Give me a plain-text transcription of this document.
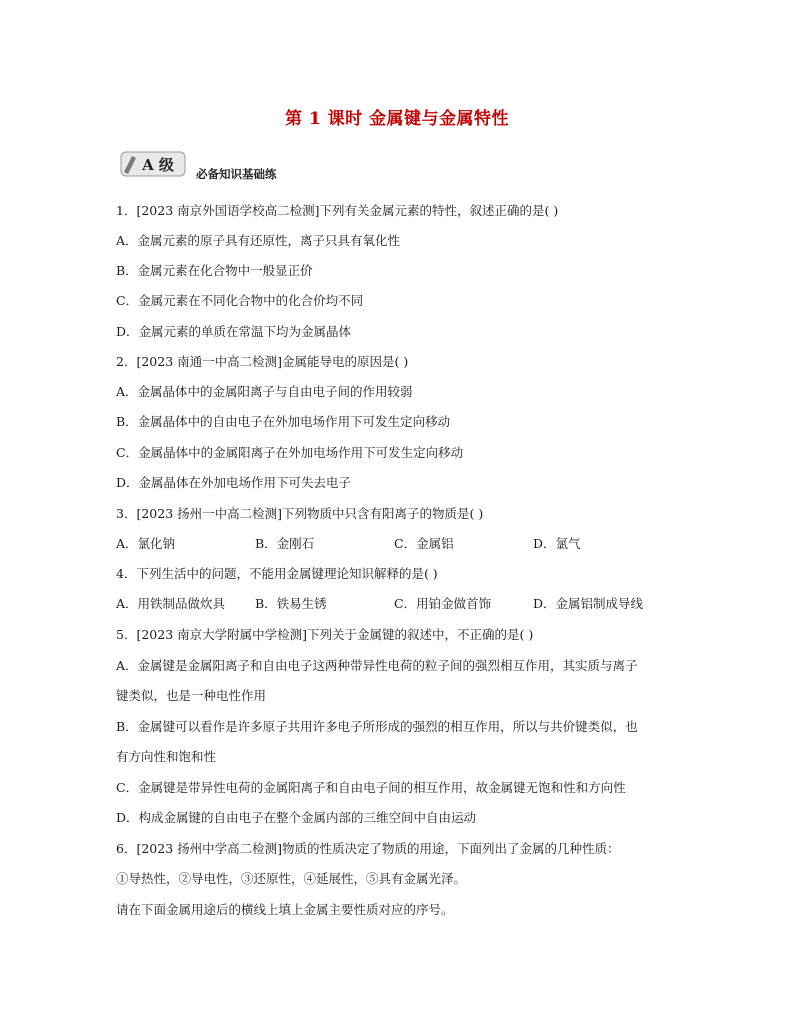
第 1 课时 金属键与金属特性
A 级 必备知识基础练
1．[2023 南京外国语学校高二检测]下列有关金属元素的特性，叙述正确的是( )
A．金属元素的原子具有还原性，离子只具有氧化性
B．金属元素在化合物中一般显正价
C．金属元素在不同化合物中的化合价均不同
D．金属元素的单质在常温下均为金属晶体
2．[2023 南通一中高二检测]金属能导电的原因是( )
A．金属晶体中的金属阳离子与自由电子间的作用较弱
B．金属晶体中的自由电子在外加电场作用下可发生定向移动
C．金属晶体中的金属阳离子在外加电场作用下可发生定向移动
D．金属晶体在外加电场作用下可失去电子
3．[2023 扬州一中高二检测]下列物质中只含有阳离子的物质是( )
A．氯化钠	B．金刚石	C．金属铝	D．氯气
4．下列生活中的问题，不能用金属键理论知识解释的是( )
A．用铁制品做炊具 B．铁易生锈	C．用铂金做首饰	D．金属铝制成导线
5．[2023 南京大学附属中学检测]下列关于金属键的叙述中，不正确的是( )
A．金属键是金属阳离子和自由电子这两种带异性电荷的粒子间的强烈相互作用，其实质与离子
键类似，也是一种电性作用
B．金属键可以看作是许多原子共用许多电子所形成的强烈的相互作用，所以与共价键类似，也
有方向性和饱和性
C．金属键是带异性电荷的金属阳离子和自由电子间的相互作用，故金属键无饱和性和方向性
D．构成金属键的自由电子在整个金属内部的三维空间中自由运动
6．[2023 扬州中学高二检测]物质的性质决定了物质的用途，下面列出了金属的几种性质：
①导热性，②导电性，③还原性，④延展性，⑤具有金属光泽。
请在下面金属用途后的横线上填上金属主要性质对应的序号。
